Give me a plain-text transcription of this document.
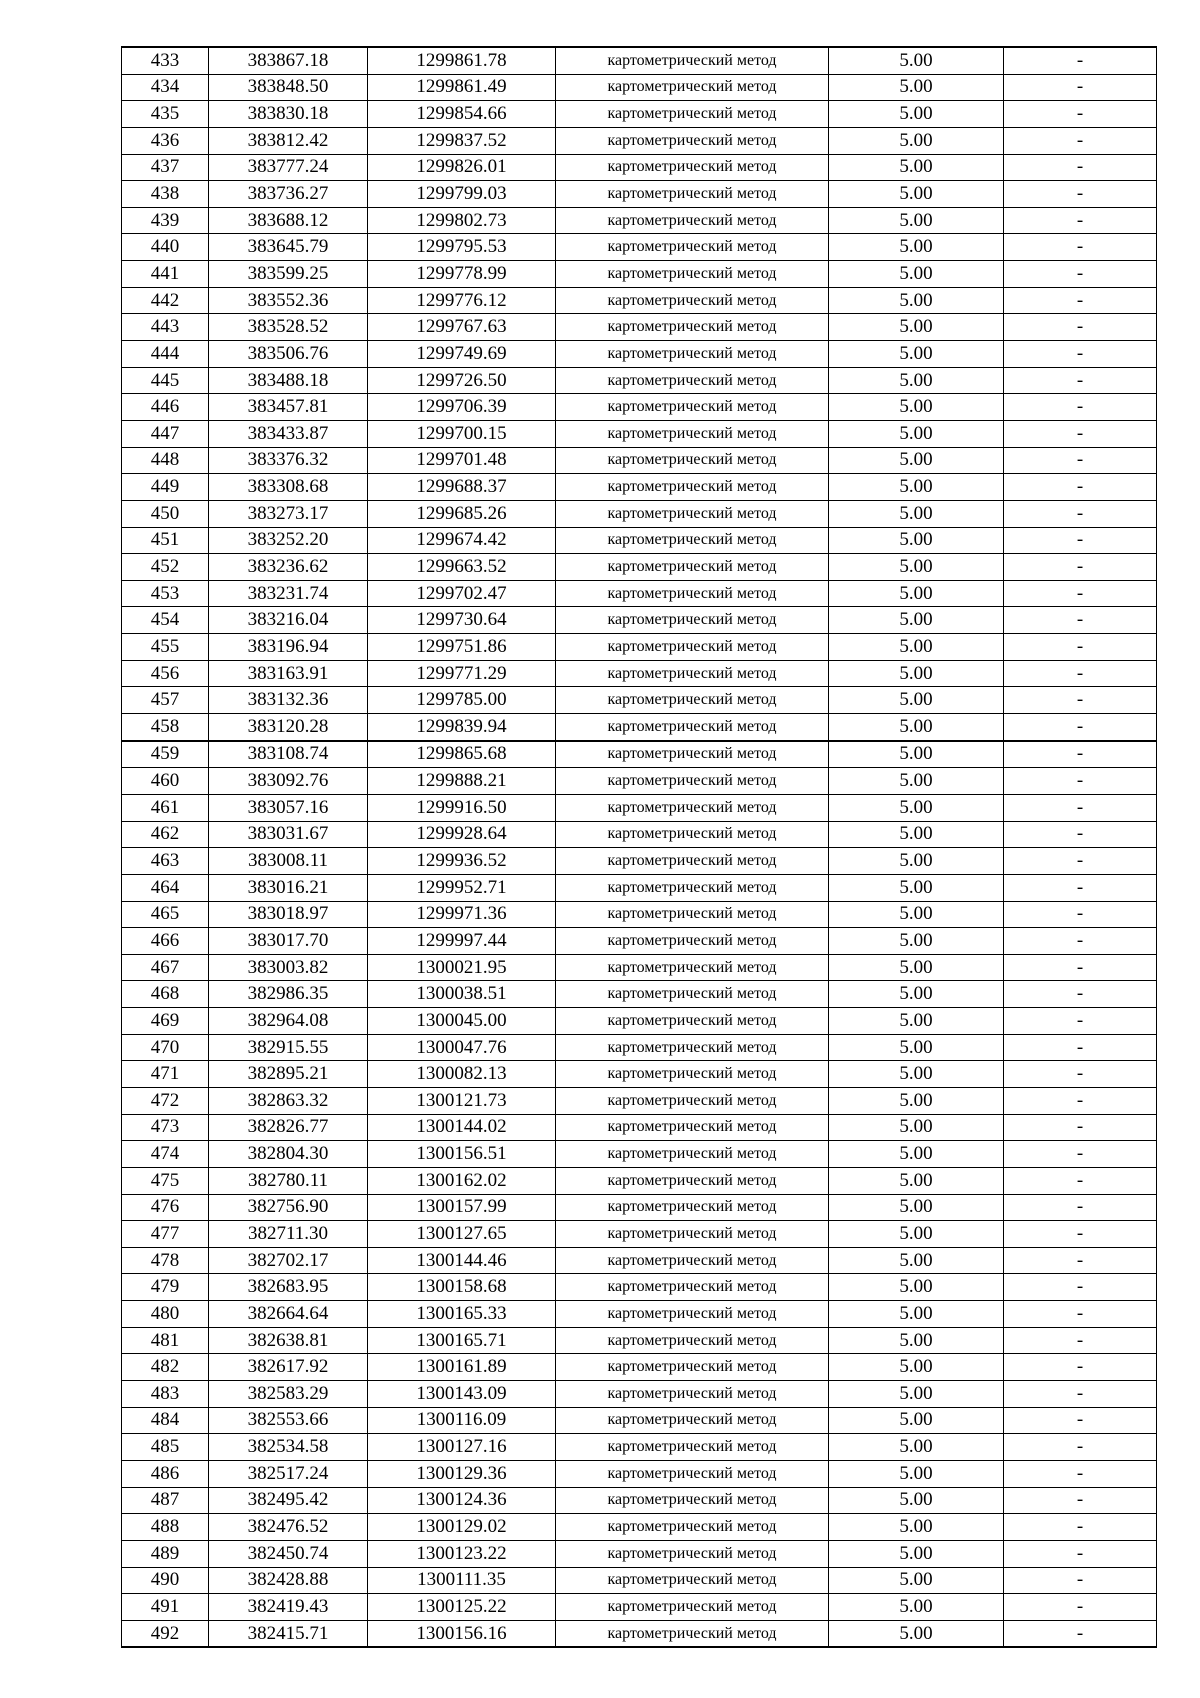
433	383867.18	1299861.78	картометрический метод	5.00	-
434	383848.50	1299861.49	картометрический метод	5.00	-
435	383830.18	1299854.66	картометрический метод	5.00	-
436	383812.42	1299837.52	картометрический метод	5.00	-
437	383777.24	1299826.01	картометрический метод	5.00	-
438	383736.27	1299799.03	картометрический метод	5.00	-
439	383688.12	1299802.73	картометрический метод	5.00	-
440	383645.79	1299795.53	картометрический метод	5.00	-
441	383599.25	1299778.99	картометрический метод	5.00	-
442	383552.36	1299776.12	картометрический метод	5.00	-
443	383528.52	1299767.63	картометрический метод	5.00	-
444	383506.76	1299749.69	картометрический метод	5.00	-
445	383488.18	1299726.50	картометрический метод	5.00	-
446	383457.81	1299706.39	картометрический метод	5.00	-
447	383433.87	1299700.15	картометрический метод	5.00	-
448	383376.32	1299701.48	картометрический метод	5.00	-
449	383308.68	1299688.37	картометрический метод	5.00	-
450	383273.17	1299685.26	картометрический метод	5.00	-
451	383252.20	1299674.42	картометрический метод	5.00	-
452	383236.62	1299663.52	картометрический метод	5.00	-
453	383231.74	1299702.47	картометрический метод	5.00	-
454	383216.04	1299730.64	картометрический метод	5.00	-
455	383196.94	1299751.86	картометрический метод	5.00	-
456	383163.91	1299771.29	картометрический метод	5.00	-
457	383132.36	1299785.00	картометрический метод	5.00	-
458	383120.28	1299839.94	картометрический метод	5.00	-
459	383108.74	1299865.68	картометрический метод	5.00	-
460	383092.76	1299888.21	картометрический метод	5.00	-
461	383057.16	1299916.50	картометрический метод	5.00	-
462	383031.67	1299928.64	картометрический метод	5.00	-
463	383008.11	1299936.52	картометрический метод	5.00	-
464	383016.21	1299952.71	картометрический метод	5.00	-
465	383018.97	1299971.36	картометрический метод	5.00	-
466	383017.70	1299997.44	картометрический метод	5.00	-
467	383003.82	1300021.95	картометрический метод	5.00	-
468	382986.35	1300038.51	картометрический метод	5.00	-
469	382964.08	1300045.00	картометрический метод	5.00	-
470	382915.55	1300047.76	картометрический метод	5.00	-
471	382895.21	1300082.13	картометрический метод	5.00	-
472	382863.32	1300121.73	картометрический метод	5.00	-
473	382826.77	1300144.02	картометрический метод	5.00	-
474	382804.30	1300156.51	картометрический метод	5.00	-
475	382780.11	1300162.02	картометрический метод	5.00	-
476	382756.90	1300157.99	картометрический метод	5.00	-
477	382711.30	1300127.65	картометрический метод	5.00	-
478	382702.17	1300144.46	картометрический метод	5.00	-
479	382683.95	1300158.68	картометрический метод	5.00	-
480	382664.64	1300165.33	картометрический метод	5.00	-
481	382638.81	1300165.71	картометрический метод	5.00	-
482	382617.92	1300161.89	картометрический метод	5.00	-
483	382583.29	1300143.09	картометрический метод	5.00	-
484	382553.66	1300116.09	картометрический метод	5.00	-
485	382534.58	1300127.16	картометрический метод	5.00	-
486	382517.24	1300129.36	картометрический метод	5.00	-
487	382495.42	1300124.36	картометрический метод	5.00	-
488	382476.52	1300129.02	картометрический метод	5.00	-
489	382450.74	1300123.22	картометрический метод	5.00	-
490	382428.88	1300111.35	картометрический метод	5.00	-
491	382419.43	1300125.22	картометрический метод	5.00	-
492	382415.71	1300156.16	картометрический метод	5.00	-
